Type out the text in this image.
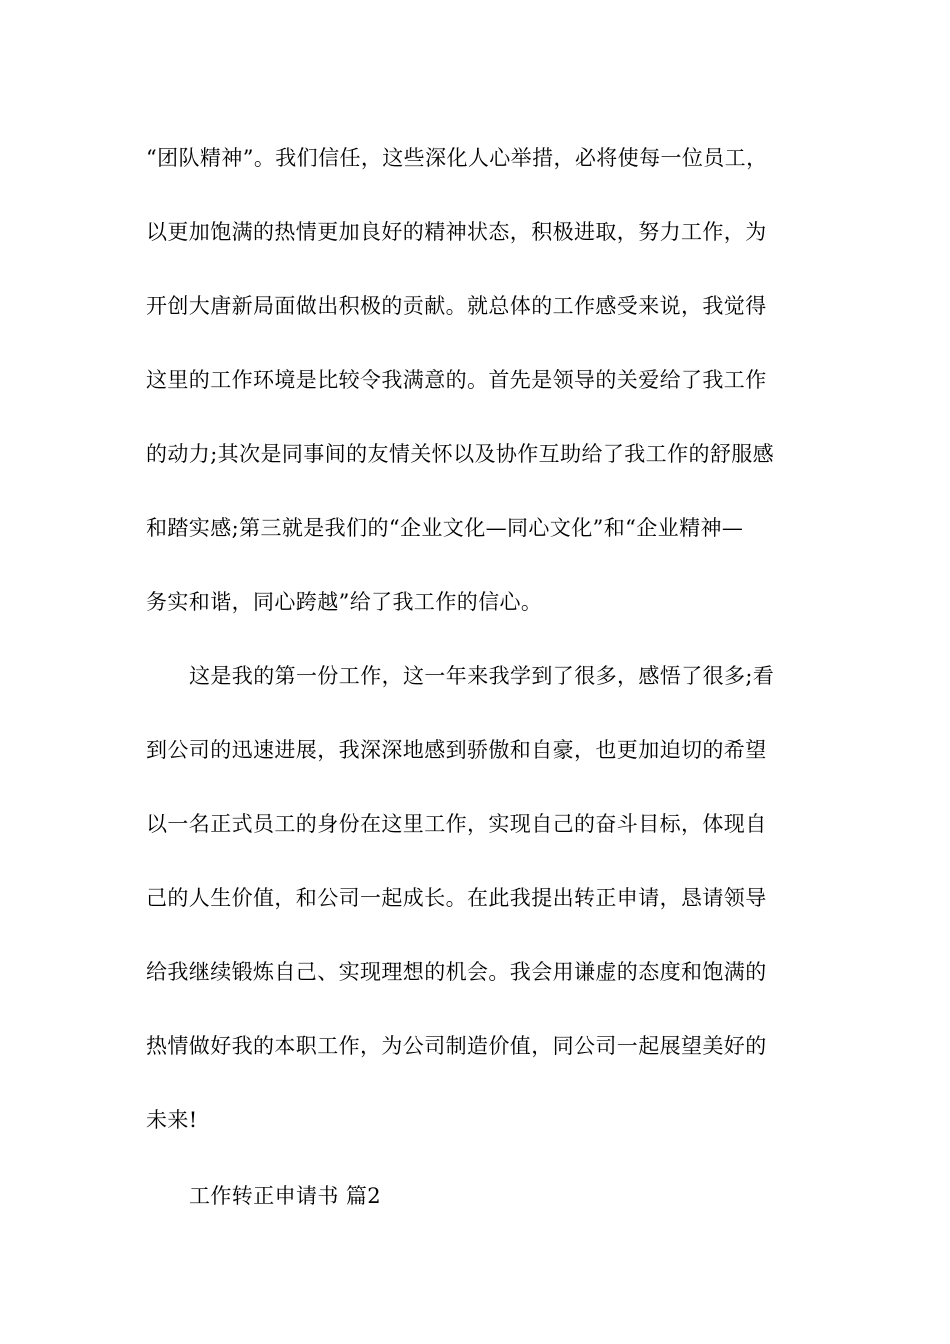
“团队精神”。我们信任，这些深化人心举措，必将使每一位员工，
以更加饱满的热情更加良好的精神状态，积极进取，努力工作，为
开创大唐新局面做出积极的贡献。就总体的工作感受来说，我觉得
这里的工作环境是比较令我满意的。首先是领导的关爱给了我工作
的动力;其次是同事间的友情关怀以及协作互助给了我工作的舒服感
和踏实感;第三就是我们的“企业文化—同心文化”和“企业精神—
务实和谐，同心跨越”给了我工作的信心。
这是我的第一份工作，这一年来我学到了很多，感悟了很多;看
到公司的迅速进展，我深深地感到骄傲和自豪，也更加迫切的希望
以一名正式员工的身份在这里工作，实现自己的奋斗目标，体现自
己的人生价值，和公司一起成长。在此我提出转正申请，恳请领导
给我继续锻炼自己、实现理想的机会。我会用谦虚的态度和饱满的
热情做好我的本职工作，为公司制造价值，同公司一起展望美好的
未来!
工作转正申请书 篇2
